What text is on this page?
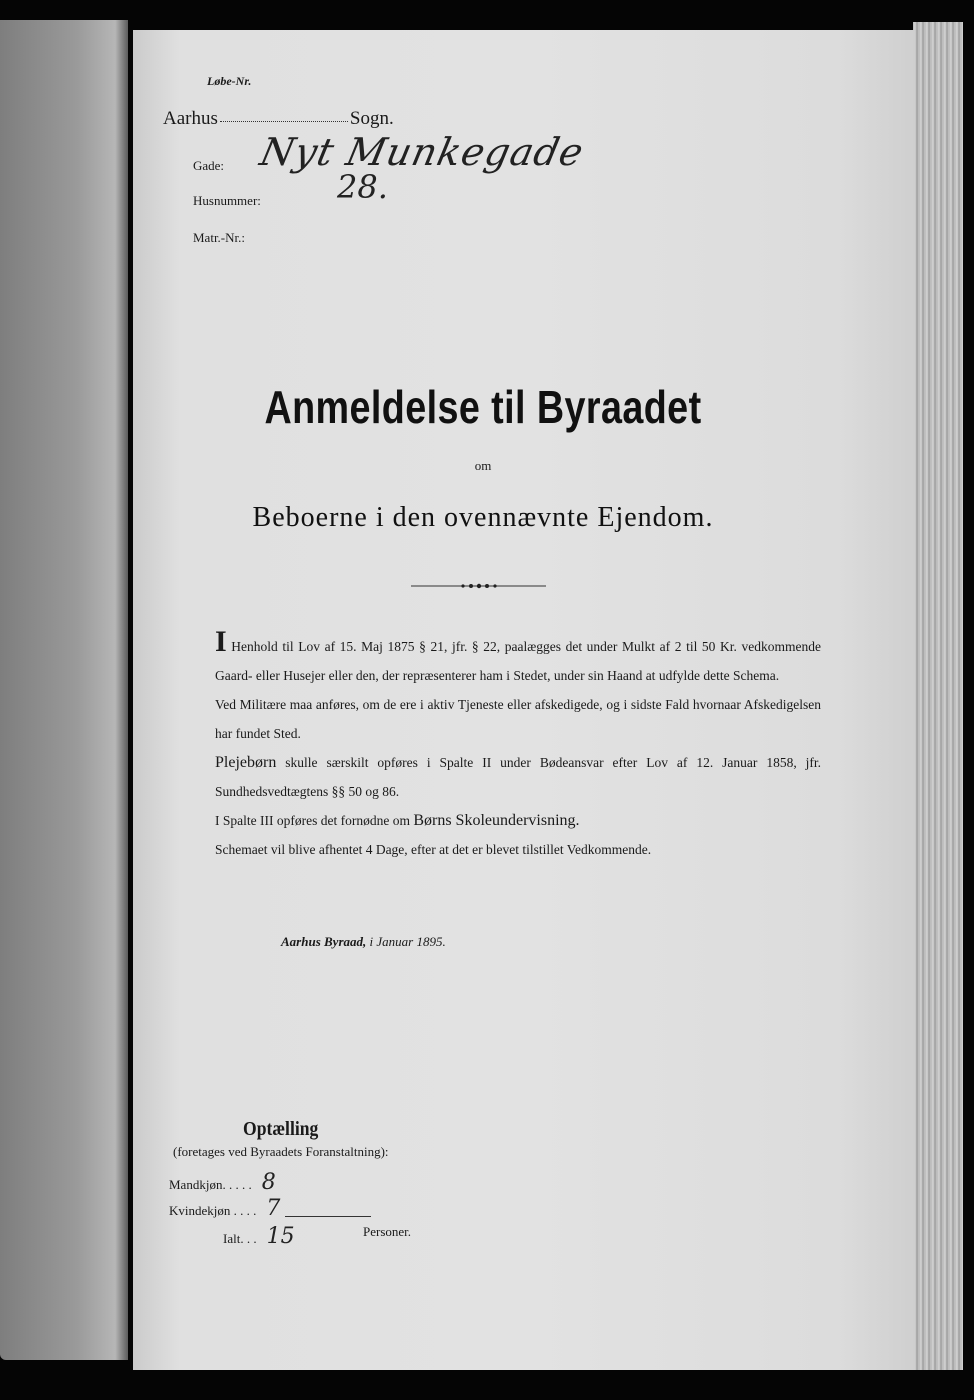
Løbe-Nr.
Aarhus	Sogn.
Gade: Nyt Munkegade
Husnummer: 28.
Matr.-Nr.:
Anmeldelse til Byraadet
om
Beboerne i den ovennævnte Ejendom.

I Henhold til Lov af 15. Maj 1875 § 21, jfr. § 22, paalægges det under Mulkt af 2 til 50 Kr. vedkommende Gaard- eller Husejer eller den, der repræsenterer ham i Stedet, under sin Haand at udfylde dette Schema.

Ved Militære maa anføres, om de ere i aktiv Tjeneste eller afskedigede, og i sidste Fald hvornaar Afskedigelsen har fundet Sted.

Plejebørn skulle særskilt opføres i Spalte II under Bødeansvar efter Lov af 12. Januar 1858, jfr. Sundhedsvedtægtens §§ 50 og 86.

I Spalte III opføres det fornødne om Børns Skoleundervisning.

Schemaet vil blive afhentet 4 Dage, efter at det er blevet tilstillet Vedkommende.

Aarhus Byraad, i Januar 1895.
Optælling
(foretages ved Byraadets Foranstaltning):
Mandkjøn. . . . . 8
Kvindekjøn . . . . 7
Ialt. . . 15	Personer.
